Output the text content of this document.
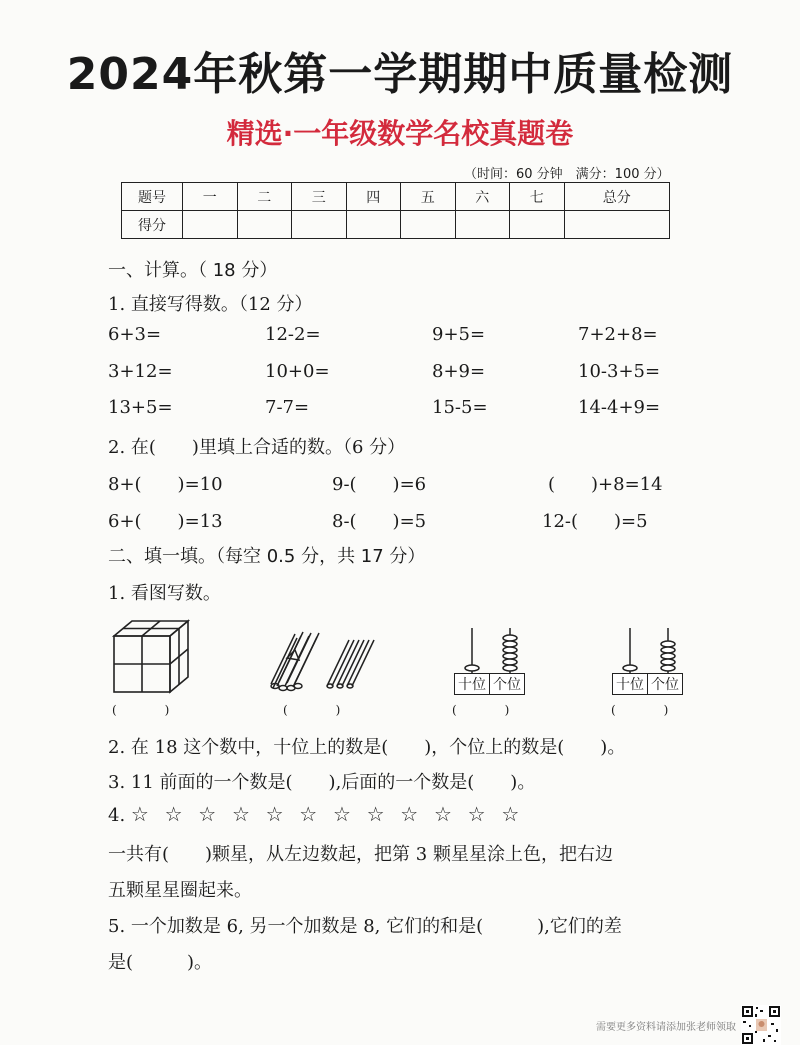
2024年秋第一学期期中质量检测
精选·一年级数学名校真题卷
（时间：60 分钟　满分：100 分）
题号	一	二	三	四	五	六	七	总分
得分								
一、计算。（ 18 分）
1. 直接写得数。（12 分）
6+3=	12-2=	9+5=	7+2+8=
3+12=	10+0=	8+9=	10-3+5=
13+5=	7-7=	15-5=	14-4+9=
2. 在(　　)里填上合适的数。（6 分）
8+(　　)=10	9-(　　)=6	(　　)+8=14
6+(　　)=13	8-(　　)=5	12-(　　)=5
二、填一填。（每空 0.5 分，共 17 分）
1. 看图写数。
十位 个位	十位 个位
(　　　　)	(　　　　)	(　　　　)	(　　　　)
2. 在 18 这个数中，十位上的数是(　　)，个位上的数是(　　)。
3. 11 前面的一个数是(　　),后面的一个数是(　　)。
4. ☆ ☆ ☆ ☆ ☆ ☆ ☆ ☆ ☆ ☆ ☆ ☆
一共有(　　)颗星，从左边数起，把第 3 颗星星涂上色，把右边
五颗星星圈起来。
5. 一个加数是 6, 另一个加数是 8, 它们的和是(　　　),它们的差
是(　　　)。
需要更多资料请添加张老师领取
